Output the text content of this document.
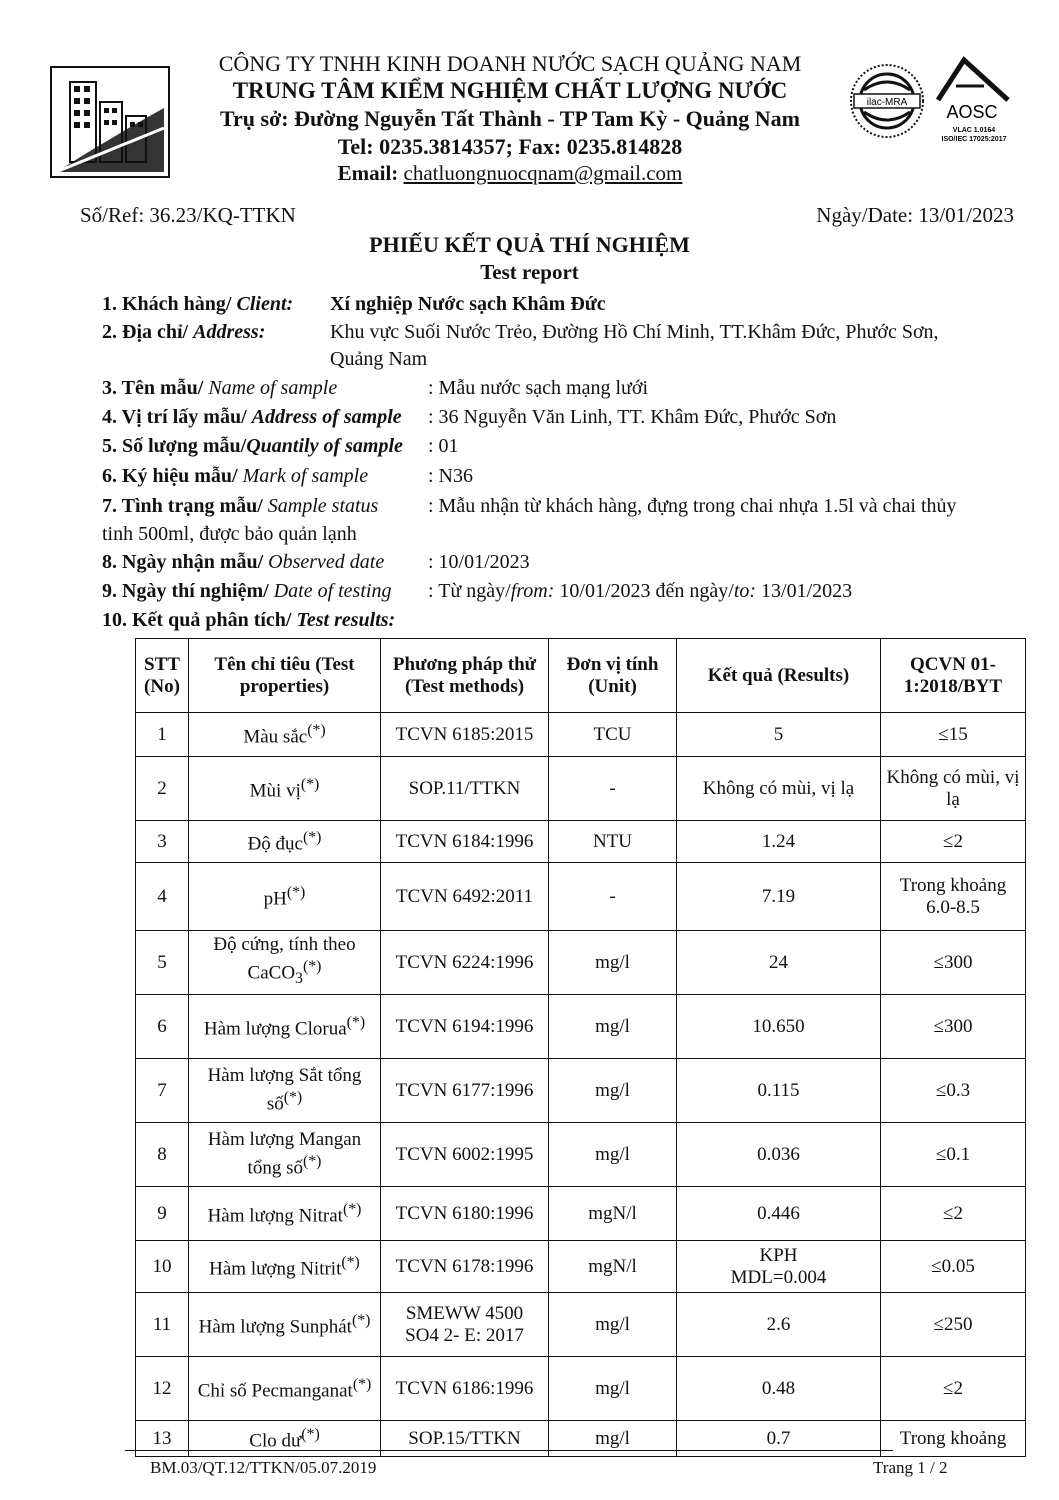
CÔNG TY TNHH KINH DOANH NƯỚC SẠCH QUẢNG NAM
TRUNG TÂM KIỂM NGHIỆM CHẤT LƯỢNG NƯỚC
Trụ sở: Đường Nguyễn Tất Thành - TP Tam Kỳ - Quảng Nam
Tel: 0235.3814357; Fax: 0235.814828
Email: chatluongnuocqnam@gmail.com
ilac-MRA AOSC
VLAC 1.0164
ISO/IEC 17025:2017
Số/Ref: 36.23/KQ-TTKN	Ngày/Date: 13/01/2023
PHIẾU KẾT QUẢ THÍ NGHIỆM
Test report
1. Khách hàng/ Client: Xí nghiệp Nước sạch Khâm Đức
2. Địa chỉ/ Address:	Khu vực Suối Nước Trẻo, Đường Hồ Chí Minh, TT.Khâm Đức, Phước Sơn,
Quảng Nam
3. Tên mẫu/ Name of sample	: Mẫu nước sạch mạng lưới
4. Vị trí lấy mẫu/ Address of sample : 36 Nguyễn Văn Linh, TT. Khâm Đức, Phước Sơn
5. Số lượng mẫu/Quantily of sample : 01
6. Ký hiệu mẫu/ Mark of sample	: N36
7. Tình trạng mẫu/ Sample status : Mẫu nhận từ khách hàng, đựng trong chai nhựa 1.5l và chai thủy
tinh 500ml, được bảo quản lạnh
8. Ngày nhận mẫu/ Observed date : 10/01/2023
9. Ngày thí nghiệm/ Date of testing : Từ ngày/from: 10/01/2023 đến ngày/to: 13/01/2023
10. Kết quả phân tích/ Test results:
STT (No)	Tên chỉ tiêu (Test properties)	Phương pháp thử (Test methods)	Đơn vị tính (Unit)	Kết quả (Results)	QCVN 01-1:2018/BYT
1	Màu sắc(*)	TCVN 6185:2015	TCU	5	≤15
2	Mùi vị(*)	SOP.11/TTKN	-	Không có mùi, vị lạ	Không có mùi, vị lạ
3	Độ đục(*)	TCVN 6184:1996	NTU	1.24	≤2
4	pH(*)	TCVN 6492:2011	-	7.19	Trong khoảng 6.0-8.5
5	Độ cứng, tính theo CaCO$_3$(*)	TCVN 6224:1996	mg/l	24	≤300
6	Hàm lượng Clorua(*)	TCVN 6194:1996	mg/l	10.650	≤300
7	Hàm lượng Sắt tổng số(*)	TCVN 6177:1996	mg/l	0.115	≤0.3
8	Hàm lượng Mangan tổng số(*)	TCVN 6002:1995	mg/l	0.036	≤0.1
9	Hàm lượng Nitrat(*)	TCVN 6180:1996	mgN/l	0.446	≤2
10	Hàm lượng Nitrit(*)	TCVN 6178:1996	mgN/l	KPH MDL=0.004	≤0.05
11	Hàm lượng Sunphát(*)	SMEWW 4500 SO4 2- E: 2017	mg/l	2.6	≤250
12	Chỉ số Pecmanganat(*)	TCVN 6186:1996	mg/l	0.48	≤2
13	Clo dư(*)	SOP.15/TTKN	mg/l	0.7	Trong khoảng
BM.03/QT.12/TTKN/05.07.2019	Trang 1 / 2
